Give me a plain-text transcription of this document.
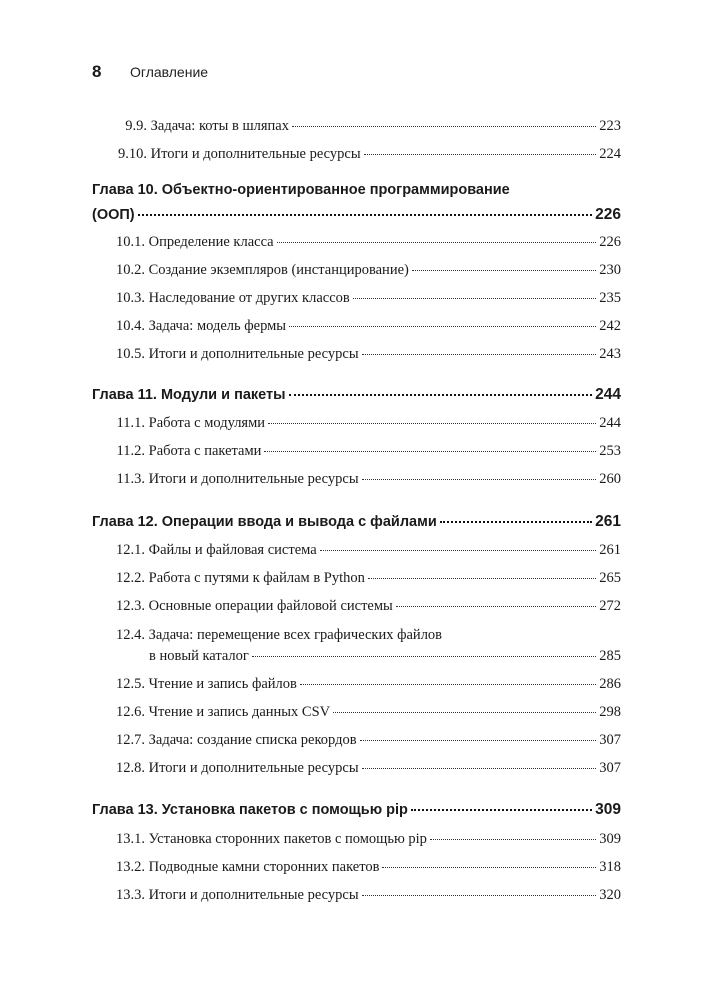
8	Оглавление
9.9.
Задача: коты в шляпах	223
9.10.
Итоги и дополнительные ресурсы	224
Глава 10. Объектно-ориентированное программирование
(ООП)	226
10.1.
Определение класса	226
10.2.
Создание экземпляров (инстанцирование)	230
10.3.
Наследование от других классов	235
10.4.
Задача: модель фермы	242
10.5.
Итоги и дополнительные ресурсы	243
Глава 11. Модули и пакеты	244
11.1.
Работа с модулями	244
11.2.
Работа с пакетами	253
11.3.
Итоги и дополнительные ресурсы	260
Глава 12. Операции ввода и вывода с файлами	261
12.1.
Файлы и файловая система	261
12.2.
Работа с путями к файлам в Python	265
12.3.
Основные операции файловой системы	272
12.4.
Задача: перемещение всех графических файлов
в новый каталог	285
12.5.
Чтение и запись файлов	286
12.6.
Чтение и запись данных CSV	298
12.7.
Задача: создание списка рекордов	307
12.8.
Итоги и дополнительные ресурсы	307
Глава 13. Установка пакетов с помощью pip	309
13.1.
Установка сторонних пакетов с помощью pip	309
13.2.
Подводные камни сторонних пакетов	318
13.3.
Итоги и дополнительные ресурсы	320
